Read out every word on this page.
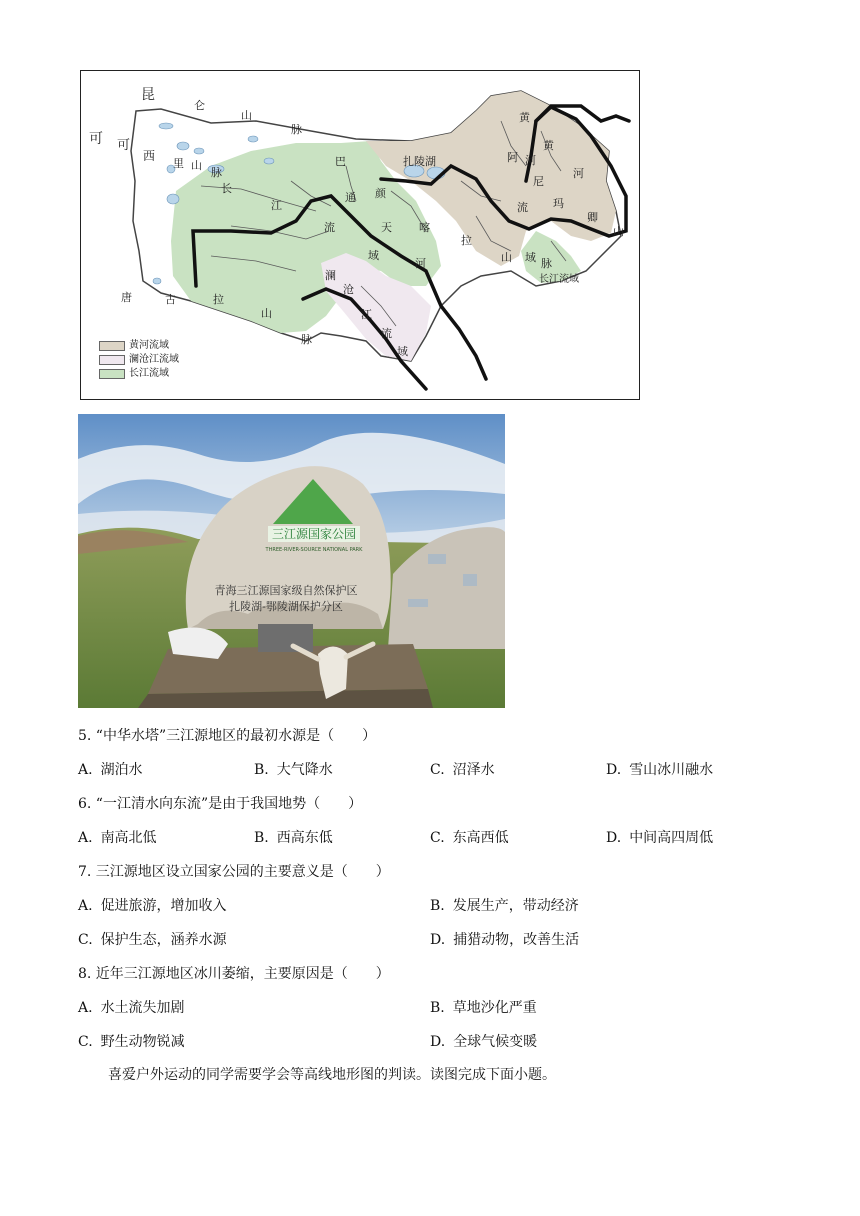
昆
仑
山
脉
可 可
西
里 山
脉
长
江
流
域
巴
颜
喀
拉
山	脉
通
天
河
唐	古	拉
山
脉
澜
沧
江
流
域
扎陵湖
黄
河
流
域
黄
河
阿
尼
玛
卿
山
长江流域
黄河流域
澜沧江流域
长江流域
三江源国家公园
THREE-RIVER-SOURCE NATIONAL PARK
青海三江源国家级自然保护区
扎陵湖-鄂陵湖保护分区
5. “中华水塔”三江源地区的最初水源是（　　）
A. 湖泊水	B. 大气降水	C. 沼泽水	D. 雪山冰川融水
6. “一江清水向东流”是由于我国地势（　　）
A. 南高北低	B. 西高东低	C. 东高西低	D. 中间高四周低
7. 三江源地区设立国家公园的主要意义是（　　）
A. 促进旅游，增加收入	B. 发展生产，带动经济
C. 保护生态，涵养水源	D. 捕猎动物，改善生活
8. 近年三江源地区冰川萎缩，主要原因是（　　）
A. 水土流失加剧	B. 草地沙化严重
C. 野生动物锐减	D. 全球气候变暖
喜爱户外运动的同学需要学会等高线地形图的判读。读图完成下面小题。
